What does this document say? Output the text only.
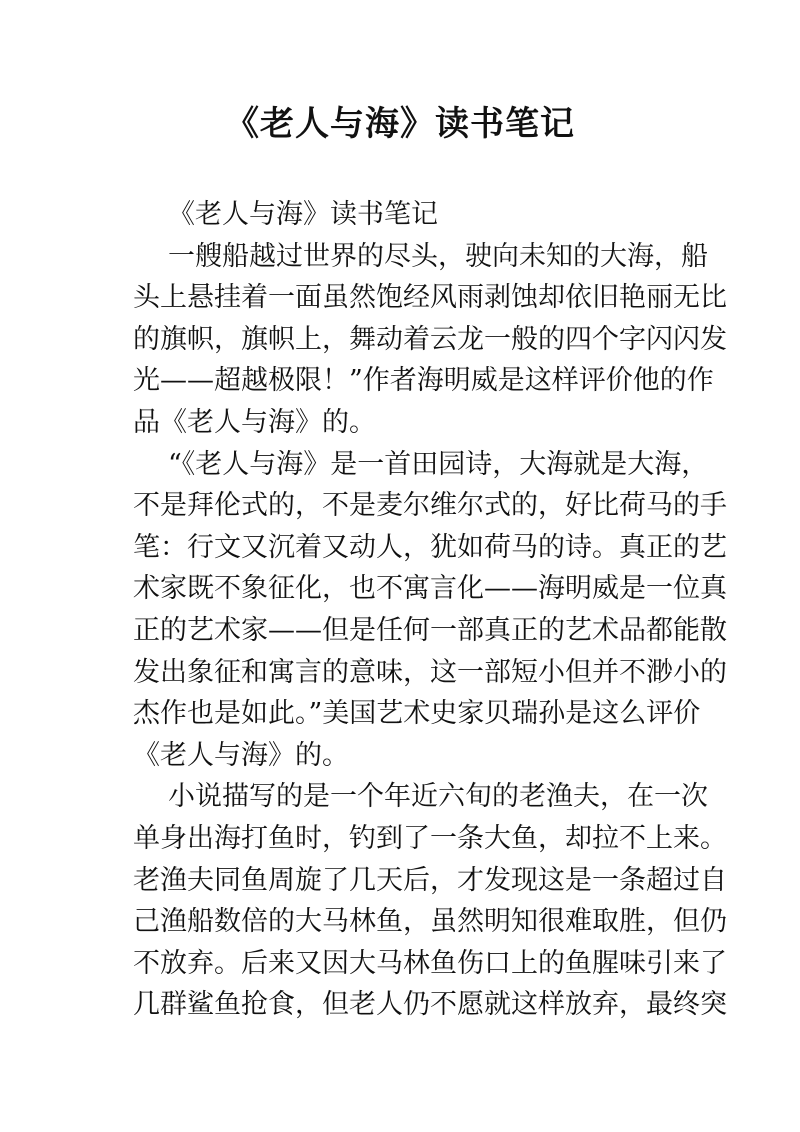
《老人与海》读书笔记
《老人与海》读书笔记
一艘船越过世界的尽头，驶向未知的大海，船
头上悬挂着一面虽然饱经风雨剥蚀却依旧艳丽无比
的旗帜，旗帜上，舞动着云龙一般的四个字闪闪发
光——超越极限！”作者海明威是这样评价他的作
品《老人与海》的。
“《老人与海》是一首田园诗，大海就是大海，
不是拜伦式的，不是麦尔维尔式的，好比荷马的手
笔：行文又沉着又动人，犹如荷马的诗。真正的艺
术家既不象征化，也不寓言化——海明威是一位真
正的艺术家——但是任何一部真正的艺术品都能散
发出象征和寓言的意味，这一部短小但并不渺小的
杰作也是如此。”美国艺术史家贝瑞孙是这么评价
《老人与海》的。
小说描写的是一个年近六旬的老渔夫，在一次
单身出海打鱼时，钓到了一条大鱼，却拉不上来。
老渔夫同鱼周旋了几天后，才发现这是一条超过自
己渔船数倍的大马林鱼，虽然明知很难取胜，但仍
不放弃。后来又因大马林鱼伤口上的鱼腥味引来了
几群鲨鱼抢食，但老人仍不愿就这样放弃，最终突
